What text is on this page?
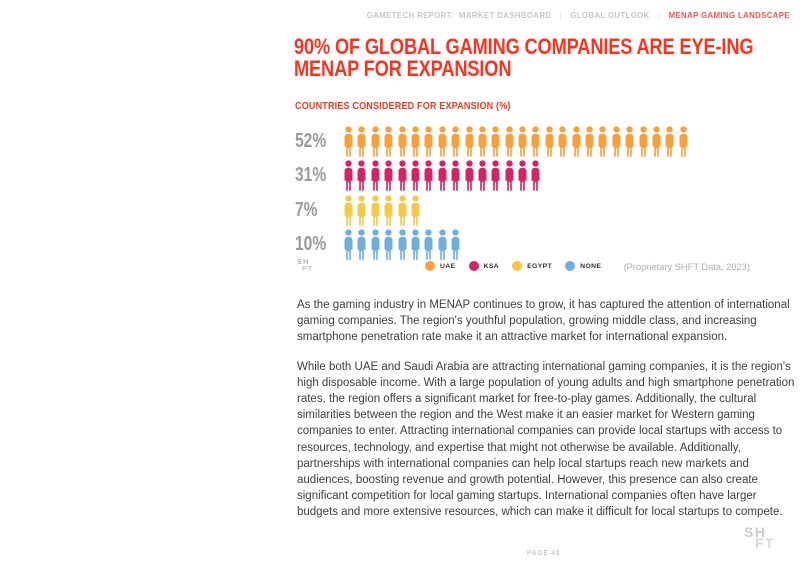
GAMETECH REPORT:  MARKET DASHBOARD | GLOBAL OUTLOOK | MENAP GAMING LANDSCAPE
90% OF GLOBAL GAMING COMPANIES ARE EYE-ING
MENAP FOR EXPANSION
COUNTRIES CONSIDERED FOR EXPANSION (%)
52%
31%
7%
10%
SH
FT	UAE	KSA	EGYPT	NONE (Proprietary SHFT Data, 2023)

As the gaming industry in MENAP continues to grow, it has captured the attention of international gaming companies. The region's youthful population, growing middle class, and increasing smartphone penetration rate make it an attractive market for international expansion.

While both UAE and Saudi Arabia are attracting international gaming companies, it is the region's high disposable income. With a large population of young adults and high smartphone penetration rates, the region offers a significant market for free-to-play games. Additionally, the cultural similarities between the region and the West make it an easier market for Western gaming companies to enter. Attracting international companies can provide local startups with access to resources, technology, and expertise that might not otherwise be available. Additionally, partnerships with international companies can help local startups reach new markets and audiences, boosting revenue and growth potential. However, this presence can also create significant competition for local gaming startups. International companies often have larger budgets and more extensive resources, which can make it difficult for local startups to compete.

PAGE 42
SH
FT
